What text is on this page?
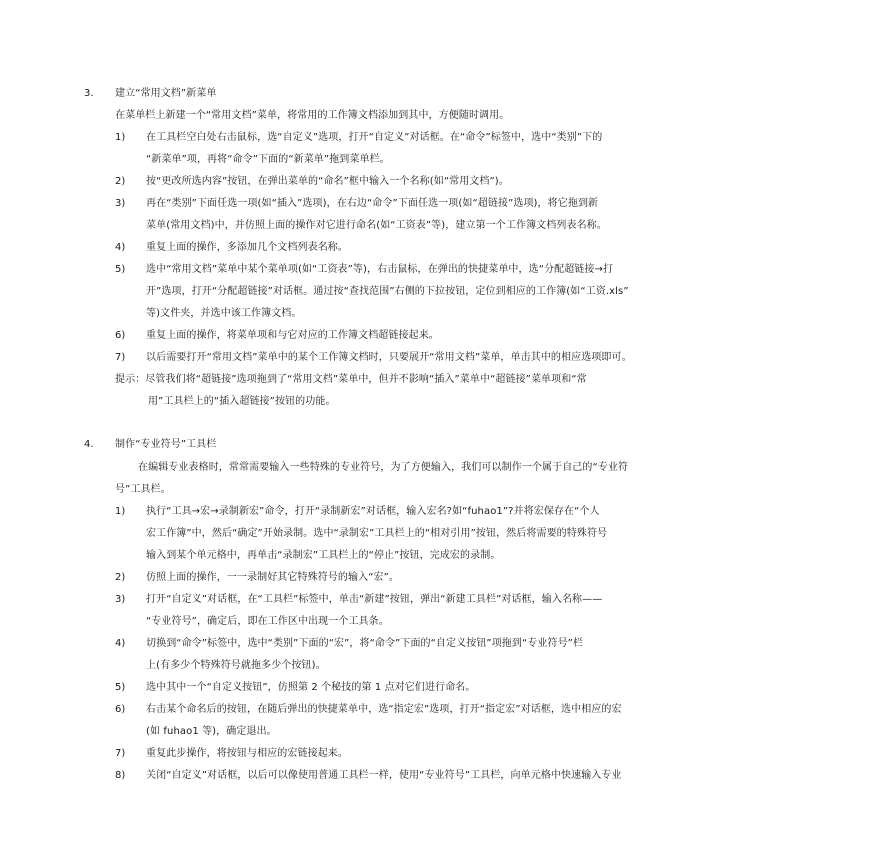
3. 建立“常用文档”新菜单
在菜单栏上新建一个“常用文档”菜单，将常用的工作簿文档添加到其中，方便随时调用。
1) 在工具栏空白处右击鼠标，选“自定义”选项，打开“自定义”对话框。在“命令”标签中，选中“类别”下的
“新菜单”项，再将“命令”下面的“新菜单”拖到菜单栏。
2) 按“更改所选内容”按钮，在弹出菜单的“命名”框中输入一个名称(如“常用文档”)。
3) 再在“类别”下面任选一项(如“插入”选项)，在右边“命令”下面任选一项(如“超链接”选项)，将它拖到新
菜单(常用文档)中，并仿照上面的操作对它进行命名(如“工资表”等)，建立第一个工作簿文档列表名称。
4) 重复上面的操作，多添加几个文档列表名称。
5) 选中“常用文档”菜单中某个菜单项(如“工资表”等)，右击鼠标，在弹出的快捷菜单中，选“分配超链接→打
开”选项，打开“分配超链接”对话框。通过按“查找范围”右侧的下拉按钮，定位到相应的工作簿(如“工资.xls”
等)文件夹，并选中该工作簿文档。
6) 重复上面的操作，将菜单项和与它对应的工作簿文档超链接起来。
7) 以后需要打开“常用文档”菜单中的某个工作簿文档时，只要展开“常用文档”菜单，单击其中的相应选项即可。
提示：尽管我们将“超链接”选项拖到了“常用文档”菜单中，但并不影响“插入”菜单中“超链接”菜单项和“常
用”工具栏上的“插入超链接”按钮的功能。
4. 制作“专业符号”工具栏
在编辑专业表格时，常常需要输入一些特殊的专业符号，为了方便输入，我们可以制作一个属于自己的“专业符
号”工具栏。
1) 执行“工具→宏→录制新宏”命令，打开“录制新宏”对话框，输入宏名?如“fuhao1”?并将宏保存在“个人
宏工作簿”中，然后“确定”开始录制。选中“录制宏”工具栏上的“相对引用”按钮，然后将需要的特殊符号
输入到某个单元格中，再单击“录制宏”工具栏上的“停止”按钮，完成宏的录制。
2) 仿照上面的操作，一一录制好其它特殊符号的输入“宏”。
3) 打开“自定义”对话框，在“工具栏”标签中，单击“新建”按钮，弹出“新建工具栏”对话框，输入名称——
“专业符号”，确定后，即在工作区中出现一个工具条。
4) 切换到“命令”标签中，选中“类别”下面的“宏”，将“命令”下面的“自定义按钮”项拖到“专业符号”栏
上(有多少个特殊符号就拖多少个按钮)。
5) 选中其中一个“自定义按钮”，仿照第 2 个秘技的第 1 点对它们进行命名。
6) 右击某个命名后的按钮，在随后弹出的快捷菜单中，选“指定宏”选项，打开“指定宏”对话框，选中相应的宏
(如 fuhao1 等)，确定退出。
7) 重复此步操作，将按钮与相应的宏链接起来。
8) 关闭“自定义”对话框，以后可以像使用普通工具栏一样，使用“专业符号”工具栏，向单元格中快速输入专业
